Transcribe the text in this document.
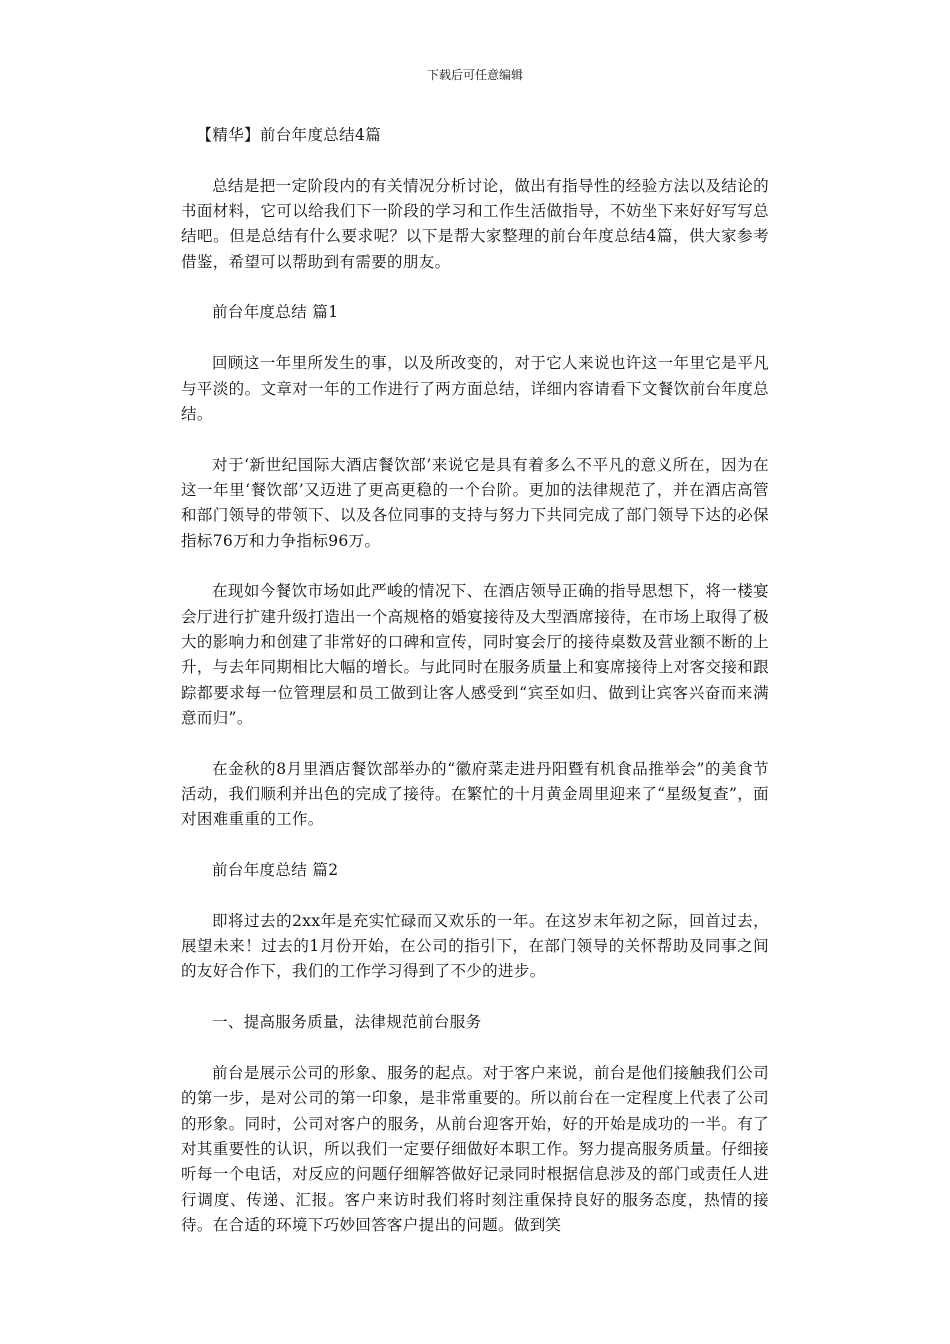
下载后可任意编辑

【精华】前台年度总结4篇

总结是把一定阶段内的有关情况分析讨论，做出有指导性的经验方法以及结论的书面材料，它可以给我们下一阶段的学习和工作生活做指导，不妨坐下来好好写写总结吧。但是总结有什么要求呢？以下是帮大家整理的前台年度总结4篇，供大家参考借鉴，希望可以帮助到有需要的朋友。

前台年度总结 篇1

回顾这一年里所发生的事，以及所改变的，对于它人来说也许这一年里它是平凡与平淡的。文章对一年的工作进行了两方面总结，详细内容请看下文餐饮前台年度总结。

对于‘新世纪国际大酒店餐饮部’来说它是具有着多么不平凡的意义所在，因为在这一年里‘餐饮部’又迈进了更高更稳的一个台阶。更加的法律规范了，并在酒店高管和部门领导的带领下、以及各位同事的支持与努力下共同完成了部门领导下达的必保指标76万和力争指标96万。

在现如今餐饮市场如此严峻的情况下、在酒店领导正确的指导思想下，将一楼宴会厅进行扩建升级打造出一个高规格的婚宴接待及大型酒席接待，在市场上取得了极大的影响力和创建了非常好的口碑和宣传，同时宴会厅的接待桌数及营业额不断的上升，与去年同期相比大幅的增长。与此同时在服务质量上和宴席接待上对客交接和跟踪都要求每一位管理层和员工做到让客人感受到“宾至如归、做到让宾客兴奋而来满意而归”。

在金秋的8月里酒店餐饮部举办的“徽府菜走进丹阳暨有机食品推举会”的美食节活动，我们顺利并出色的完成了接待。在繁忙的十月黄金周里迎来了“星级复查”，面对困难重重的工作。

前台年度总结 篇2

即将过去的2xx年是充实忙碌而又欢乐的一年。在这岁末年初之际，回首过去，展望未来！过去的1月份开始，在公司的指引下，在部门领导的关怀帮助及同事之间的友好合作下，我们的工作学习得到了不少的进步。

一、提高服务质量，法律规范前台服务

前台是展示公司的形象、服务的起点。对于客户来说，前台是他们接触我们公司的第一步，是对公司的第一印象，是非常重要的。所以前台在一定程度上代表了公司的形象。同时，公司对客户的服务，从前台迎客开始，好的开始是成功的一半。有了对其重要性的认识，所以我们一定要仔细做好本职工作。努力提高服务质量。仔细接听每一个电话，对反应的问题仔细解答做好记录同时根据信息涉及的部门或责任人进行调度、传递、汇报。客户来访时我们将时刻注重保持良好的服务态度，热情的接待。在合适的环境下巧妙回答客户提出的问题。做到笑
